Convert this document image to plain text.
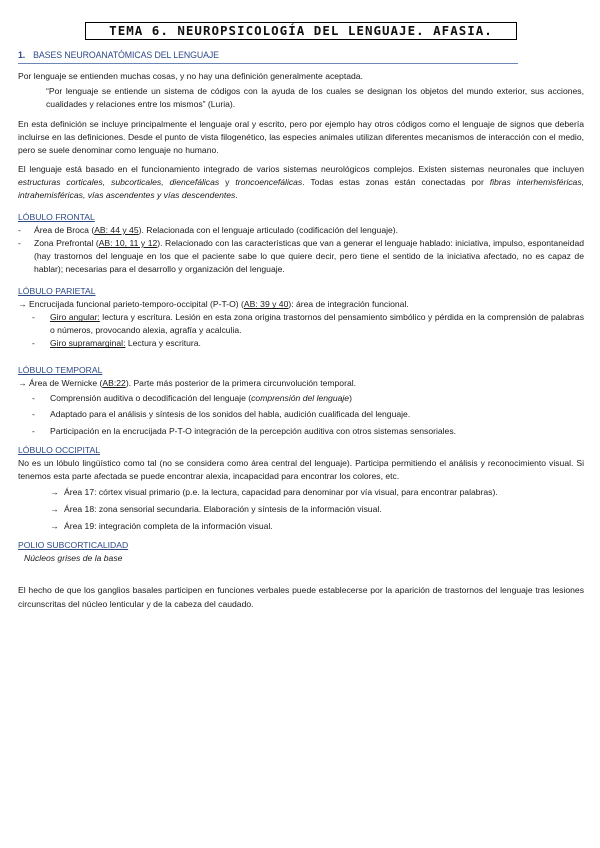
TEMA 6. NEUROPSICOLOGÍA DEL LENGUAJE. AFASIA.
1. BASES NEUROANATÓMICAS DEL LENGUAJE

Por lenguaje se entienden muchas cosas, y no hay una definición generalmente aceptada.

“Por lenguaje se entiende un sistema de códigos con la ayuda de los cuales se designan los objetos del mundo exterior, sus acciones, cualidades y relaciones entre los mismos” (Luria).

En esta definición se incluye principalmente el lenguaje oral y escrito, pero por ejemplo hay otros códigos como el lenguaje de signos que debería incluirse en las definiciones. Desde el punto de vista filogenético, las especies animales utilizan diferentes mecanismos de interacción con el medio, pero se suele denominar como lenguaje no humano.

El lenguaje está basado en el funcionamiento integrado de varios sistemas neurológicos complejos. Existen sistemas neuronales que incluyen estructuras corticales, subcorticales, diencefálicas y troncoencefálicas. Todas estas zonas están conectadas por fibras interhemisféricas, intrahemisféricas, vías ascendentes y vías descendentes.

LÓBULO FRONTAL
- Área de Broca (AB: 44 y 45). Relacionada con el lenguaje articulado (codificación del lenguaje).
- Zona Prefrontal (AB: 10, 11 y 12). Relacionado con las características que van a generar el lenguaje hablado: iniciativa, impulso, espontaneidad (hay trastornos del lenguaje en los que el paciente sabe lo que quiere decir, pero tiene el sentido de la iniciativa afectado, no es capaz de hablar); necesarias para el desarrollo y organización del lenguaje.
LÓBULO PARIETAL

→ Encrucijada funcional parieto-temporo-occipital (P-T-O) (AB: 39 y 40): área de integración funcional.

- Giro angular: lectura y escritura. Lesión en esta zona origina trastornos del pensamiento simbólico y pérdida en la comprensión de palabras o números, provocando alexia, agrafía y acalculia.
- Giro supramarginal: Lectura y escritura.
LÓBULO TEMPORAL

→ Área de Wernicke (AB:22). Parte más posterior de la primera circunvolución temporal.

- Comprensión auditiva o decodificación del lenguaje (comprensión del lenguaje)
- Adaptado para el análisis y síntesis de los sonidos del habla, audición cualificada del lenguaje.
- Participación en la encrucijada P-T-O integración de la percepción auditiva con otros sistemas sensoriales.
LÓBULO OCCIPITAL

No es un lóbulo lingüístico como tal (no se considera como área central del lenguaje). Participa permitiendo el análisis y reconocimiento visual. Si tenemos esta parte afectada se puede encontrar alexia, incapacidad para encontrar los colores, etc.

→ Área 17: córtex visual primario (p.e. la lectura, capacidad para denominar por vía visual, para encontrar palabras).
→ Área 18: zona sensorial secundaria. Elaboración y síntesis de la información visual.
→ Área 19: integración completa de la información visual.
POLIO SUBCORTICALIDAD

Núcleos grises de la base

El hecho de que los ganglios basales participen en funciones verbales puede establecerse por la aparición de trastornos del lenguaje tras lesiones circunscritas del núcleo lenticular y de la cabeza del caudado.
